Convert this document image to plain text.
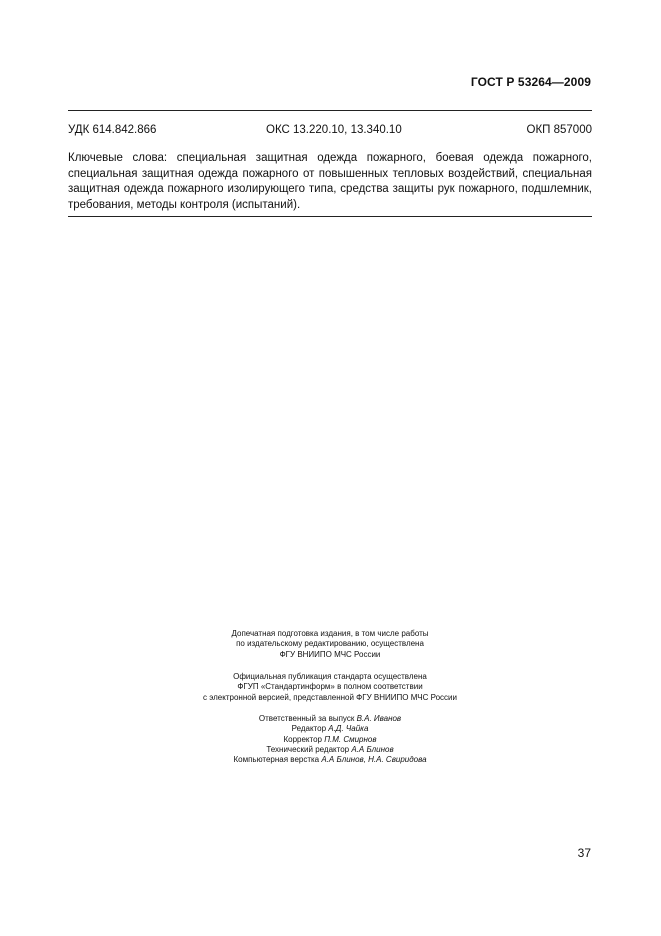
ГОСТ Р 53264—2009
УДК 614.842.866	ОКС 13.220.10, 13.340.10	ОКП 857000
Ключевые слова: специальная защитная одежда пожарного, боевая одежда пожарного, специальная защитная одежда пожарного от повышенных тепловых воздействий, специальная защитная одежда пожарного изолирующего типа, средства защиты рук пожарного, подшлемник, требования, методы контроля (испытаний).

Допечатная подготовка издания, в том числе работы

по издательскому редактированию, осуществлена

ФГУ ВНИИПО МЧС России

Официальная публикация стандарта осуществлена

ФГУП «Стандартинформ» в полном соответствии

с электронной версией, представленной ФГУ ВНИИПО МЧС России

Ответственный за выпуск В.А. Иванов

Редактор А.Д. Чайка

Корректор П.М. Смирнов

Технический редактор А.А Блинов

Компьютерная верстка А.А Блинов, Н.А. Свиридова

37
